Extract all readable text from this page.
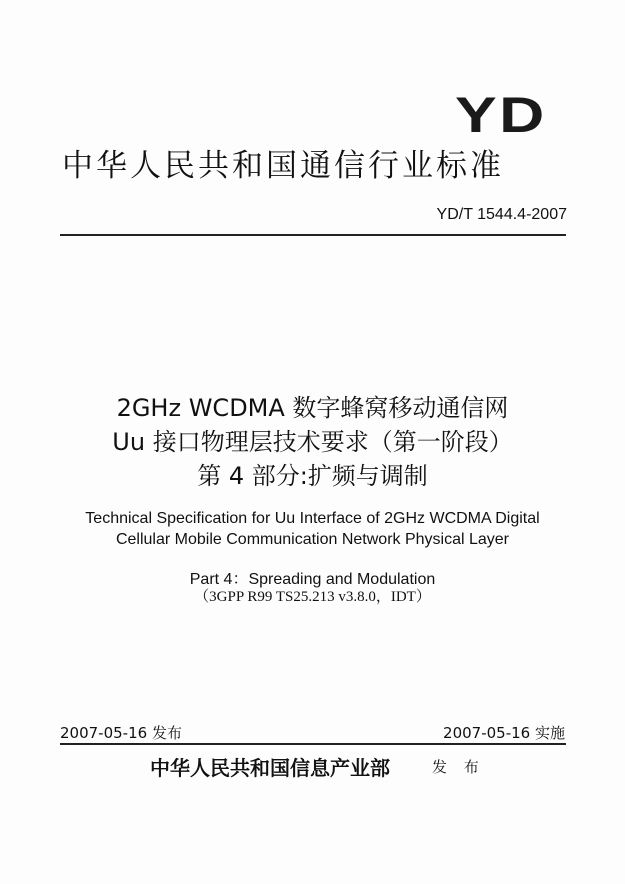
YD
中华人民共和国通信行业标准
YD/T 1544.4-2007
2GHz WCDMA 数字蜂窝移动通信网
Uu 接口物理层技术要求（第一阶段）
第 4 部分:扩频与调制
Technical Specification for Uu Interface of 2GHz WCDMA Digital
Cellular Mobile Communication Network Physical Layer
Part 4：Spreading and Modulation
（3GPP R99 TS25.213 v3.8.0，IDT）
2007-05-16 发布	2007-05-16 实施
中华人民共和国信息产业部	发 布
